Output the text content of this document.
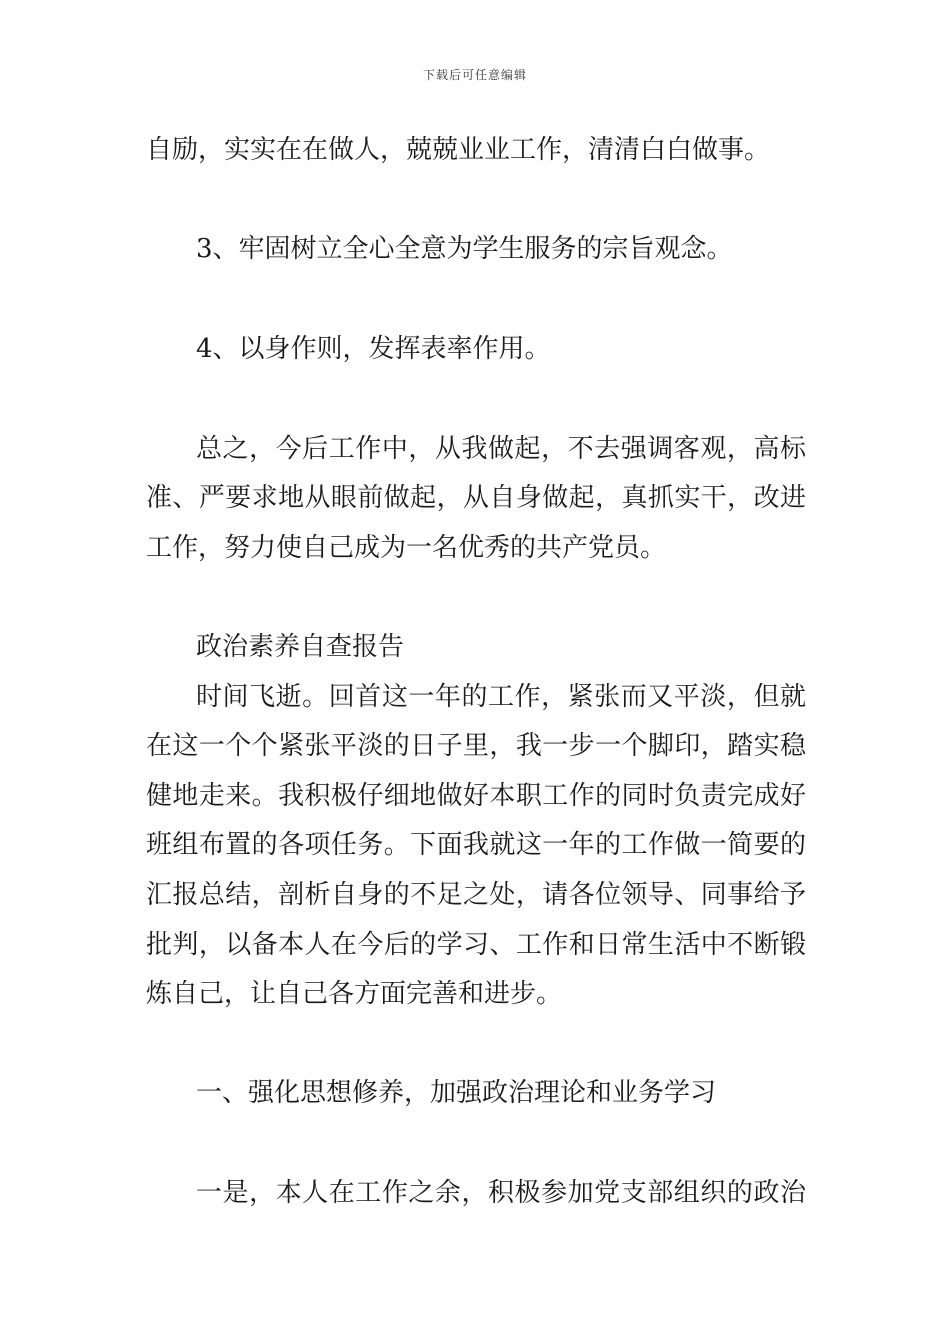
下载后可任意编辑
自励，实实在在做人，兢兢业业工作，清清白白做事。
3、牢固树立全心全意为学生服务的宗旨观念。
4、以身作则，发挥表率作用。
总之，今后工作中，从我做起，不去强调客观，高标
准、严要求地从眼前做起，从自身做起，真抓实干，改进
工作，努力使自己成为一名优秀的共产党员。
政治素养自查报告
时间飞逝。回首这一年的工作，紧张而又平淡，但就
在这一个个紧张平淡的日子里，我一步一个脚印，踏实稳
健地走来。我积极仔细地做好本职工作的同时负责完成好
班组布置的各项任务。下面我就这一年的工作做一简要的
汇报总结，剖析自身的不足之处，请各位领导、同事给予
批判，以备本人在今后的学习、工作和日常生活中不断锻
炼自己，让自己各方面完善和进步。
一、强化思想修养，加强政治理论和业务学习
一是，本人在工作之余，积极参加党支部组织的政治
